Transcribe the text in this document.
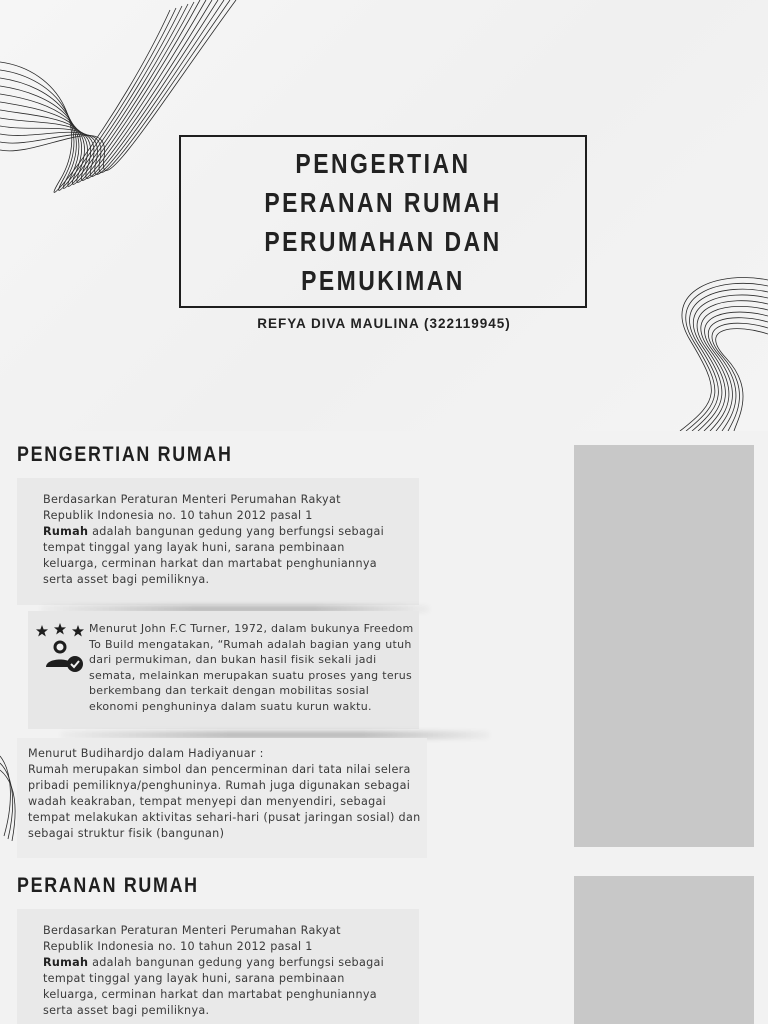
PENGERTIAN PERANAN RUMAH PERUMAHAN DAN PEMUKIMAN
REFYA DIVA MAULINA (322119945)
PENGERTIAN RUMAH

Berdasarkan Peraturan Menteri Perumahan Rakyat Republik Indonesia no. 10 tahun 2012 pasal 1
Rumah adalah bangunan gedung yang berfungsi sebagai tempat tinggal yang layak huni, sarana pembinaan keluarga, cerminan harkat dan martabat penghuniannya serta asset bagi pemiliknya.

Menurut John F.C Turner, 1972, dalam bukunya Freedom To Build mengatakan, “Rumah adalah bagian yang utuh dari permukiman, dan bukan hasil fisik sekali jadi semata, melainkan merupakan suatu proses yang terus berkembang dan terkait dengan mobilitas sosial ekonomi penghuninya dalam suatu kurun waktu.

Menurut Budihardjo dalam Hadiyanuar :

Rumah merupakan simbol dan pencerminan dari tata nilai selera pribadi pemiliknya/penghuninya. Rumah juga digunakan sebagai wadah keakraban, tempat menyepi dan menyendiri, sebagai tempat melakukan aktivitas sehari-hari (pusat jaringan sosial) dan sebagai struktur fisik (bangunan)

PERANAN RUMAH

Berdasarkan Peraturan Menteri Perumahan Rakyat Republik Indonesia no. 10 tahun 2012 pasal 1
Rumah adalah bangunan gedung yang berfungsi sebagai tempat tinggal yang layak huni, sarana pembinaan keluarga, cerminan harkat dan martabat penghuniannya serta asset bagi pemiliknya.
